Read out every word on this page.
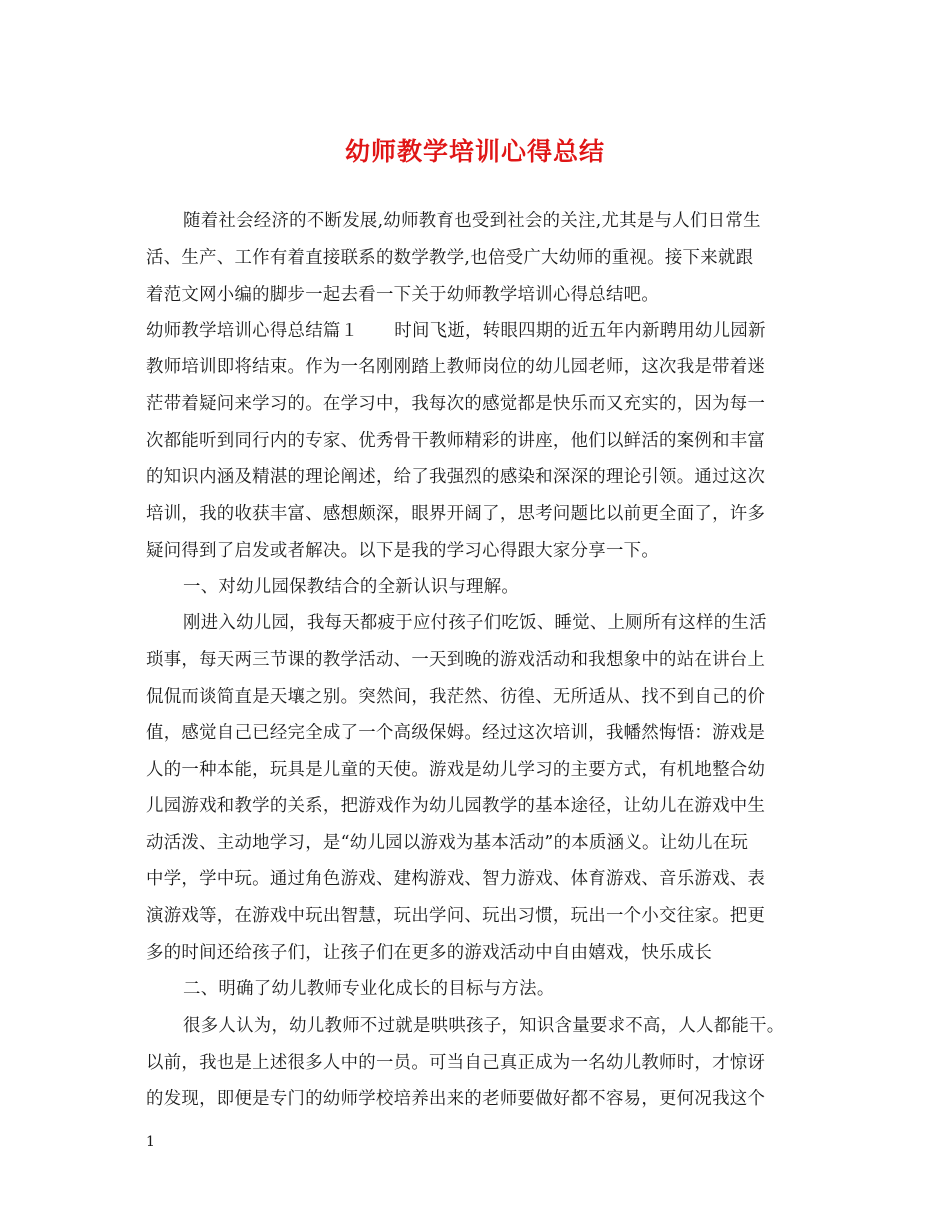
幼师教学培训心得总结
随着社会经济的不断发展,幼师教育也受到社会的关注,尤其是与人们日常生
活、生产、工作有着直接联系的数学教学,也倍受广大幼师的重视。接下来就跟
着范文网小编的脚步一起去看一下关于幼师教学培训心得总结吧。
幼师教学培训心得总结篇１ 时间飞逝，转眼四期的近五年内新聘用幼儿园新
教师培训即将结束。作为一名刚刚踏上教师岗位的幼儿园老师，这次我是带着迷
茫带着疑问来学习的。在学习中，我每次的感觉都是快乐而又充实的，因为每一
次都能听到同行内的专家、优秀骨干教师精彩的讲座，他们以鲜活的案例和丰富
的知识内涵及精湛的理论阐述，给了我强烈的感染和深深的理论引领。通过这次
培训，我的收获丰富、感想颇深，眼界开阔了，思考问题比以前更全面了，许多
疑问得到了启发或者解决。以下是我的学习心得跟大家分享一下。
一、对幼儿园保教结合的全新认识与理解。
刚进入幼儿园，我每天都疲于应付孩子们吃饭、睡觉、上厕所有这样的生活
琐事，每天两三节课的教学活动、一天到晚的游戏活动和我想象中的站在讲台上
侃侃而谈简直是天壤之别。突然间，我茫然、彷徨、无所适从、找不到自己的价
值，感觉自己已经完全成了一个高级保姆。经过这次培训，我幡然悔悟：游戏是
人的一种本能，玩具是儿童的天使。游戏是幼儿学习的主要方式，有机地整合幼
儿园游戏和教学的关系，把游戏作为幼儿园教学的基本途径，让幼儿在游戏中生
动活泼、主动地学习，是“幼儿园以游戏为基本活动”的本质涵义。让幼儿在玩
中学，学中玩。通过角色游戏、建构游戏、智力游戏、体育游戏、音乐游戏、表
演游戏等，在游戏中玩出智慧，玩出学问、玩出习惯，玩出一个小交往家。把更
多的时间还给孩子们，让孩子们在更多的游戏活动中自由嬉戏，快乐成长
二、明确了幼儿教师专业化成长的目标与方法。
很多人认为，幼儿教师不过就是哄哄孩子，知识含量要求不高，人人都能干。
以前，我也是上述很多人中的一员。可当自己真正成为一名幼儿教师时，才惊讶
的发现，即便是专门的幼师学校培养出来的老师要做好都不容易，更何况我这个
1
